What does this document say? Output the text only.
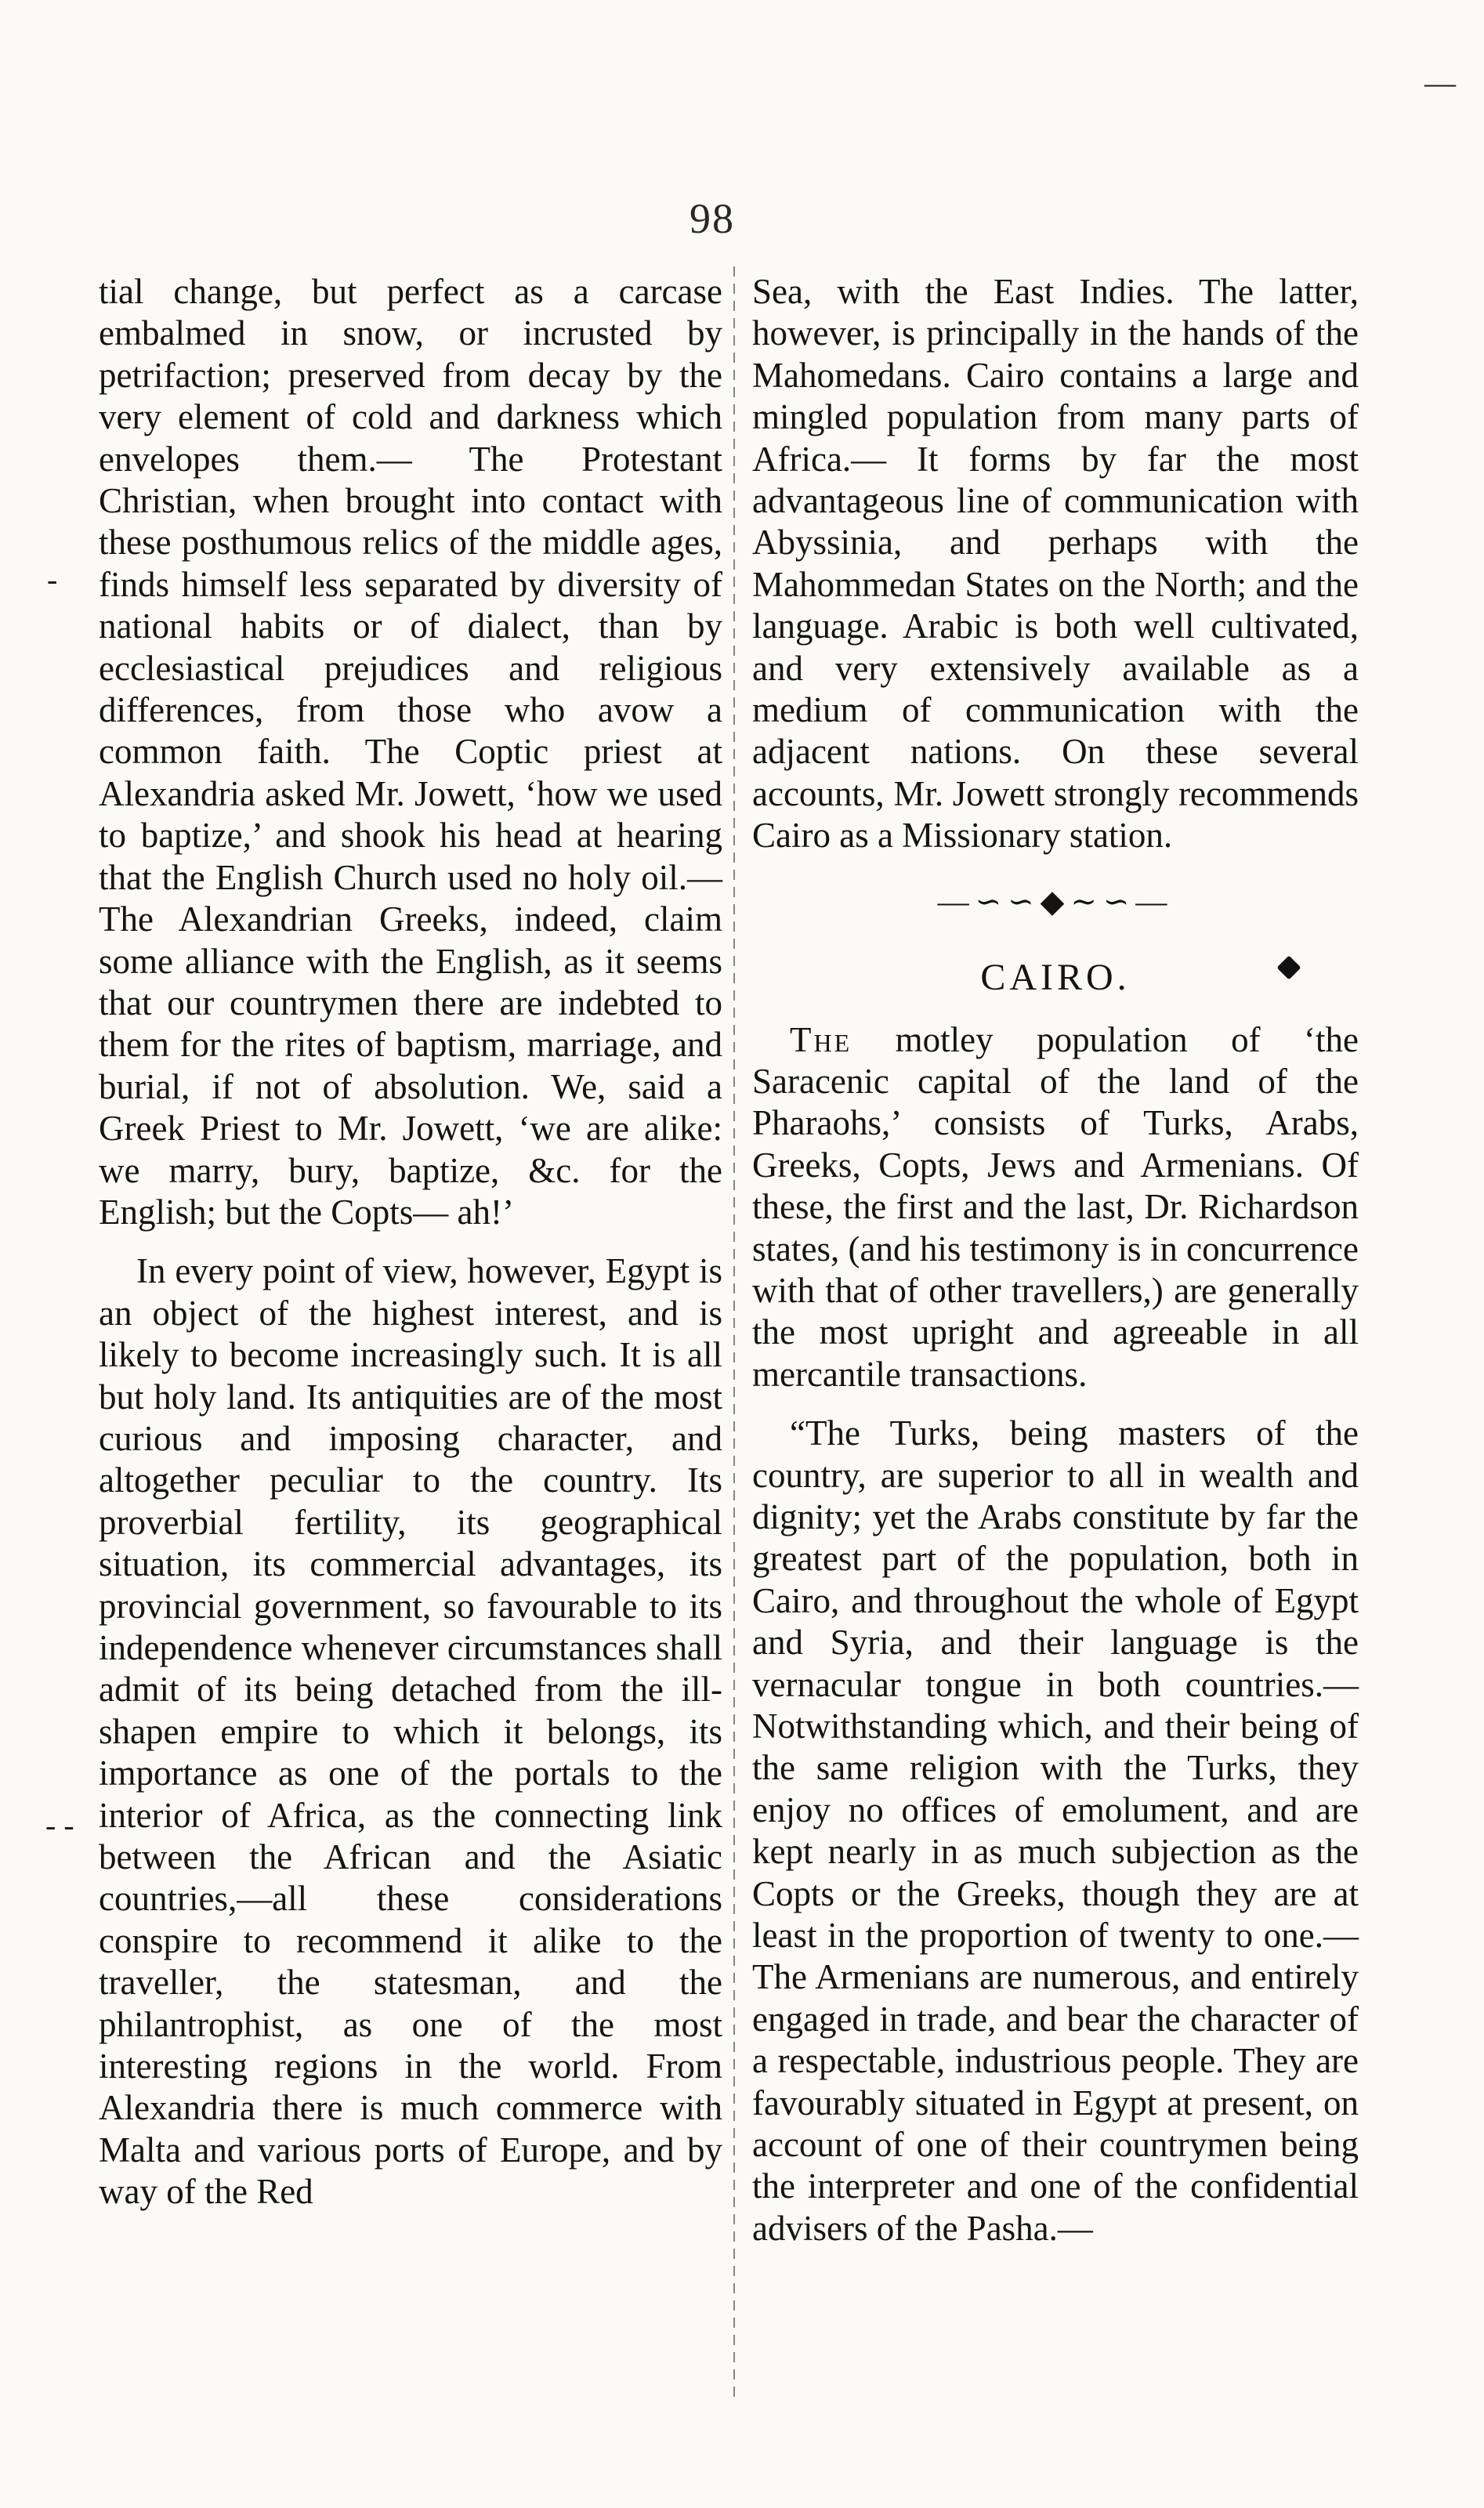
98
—
-
- -

tial change, but perfect as a carcase embalmed in snow, or incrusted by petrifaction; preserved from decay by the very element of cold and darkness which envelopes them.— The Protestant Christian, when brought into contact with these posthumous relics of the middle ages, finds himself less separated by diversity of national habits or of dialect, than by ecclesiastical prejudices and religious differences, from those who avow a common faith. The Coptic priest at Alexandria asked Mr. Jowett, ‘how we used to baptize,’ and shook his head at hearing that the English Church used no holy oil.— The Alexandrian Greeks, indeed, claim some alliance with the English, as it seems that our countrymen there are indebted to them for the rites of baptism, marriage, and burial, if not of absolution. We, said a Greek Priest to Mr. Jowett, ‘we are alike: we marry, bury, baptize, &c. for the English; but the Copts— ah!’

In every point of view, however, Egypt is an object of the highest interest, and is likely to become increasingly such. It is all but holy land. Its antiquities are of the most curious and imposing character, and altogether peculiar to the country. Its proverbial fertility, its geographical situation, its commercial advantages, its provincial government, so favourable to its independence whenever circumstances shall admit of its being detached from the ill-shapen empire to which it belongs, its importance as one of the portals to the interior of Africa, as the connecting link between the African and the Asiatic countries,—all these considerations conspire to recommend it alike to the traveller, the statesman, and the philantrophist, as one of the most interesting regions in the world. From Alexandria there is much commerce with Malta and various ports of Europe, and by way of the Red

Sea, with the East Indies. The latter, however, is principally in the hands of the Mahomedans. Cairo contains a large and mingled population from many parts of Africa.— It forms by far the most advantageous line of communication with Abyssinia, and perhaps with the Mahommedan States on the North; and the language. Arabic is both well cultivated, and very extensively available as a medium of communication with the adjacent nations. On these several accounts, Mr. Jowett strongly recommends Cairo as a Missionary station.

—∽∽◆∼∽—
CAIRO.

The motley population of ‘the Saracenic capital of the land of the Pharaohs,’ consists of Turks, Arabs, Greeks, Copts, Jews and Armenians. Of these, the first and the last, Dr. Richardson states, (and his testimony is in concurrence with that of other travellers,) are generally the most upright and agreeable in all mercantile transactions.

“The Turks, being masters of the country, are superior to all in wealth and dignity; yet the Arabs constitute by far the greatest part of the population, both in Cairo, and throughout the whole of Egypt and Syria, and their language is the vernacular tongue in both countries.— Notwithstanding which, and their being of the same religion with the Turks, they enjoy no offices of emolument, and are kept nearly in as much subjection as the Copts or the Greeks, though they are at least in the proportion of twenty to one.— The Armenians are numerous, and entirely engaged in trade, and bear the character of a respectable, industrious people. They are favourably situated in Egypt at present, on account of one of their countrymen being the interpreter and one of the confidential advisers of the Pasha.—
